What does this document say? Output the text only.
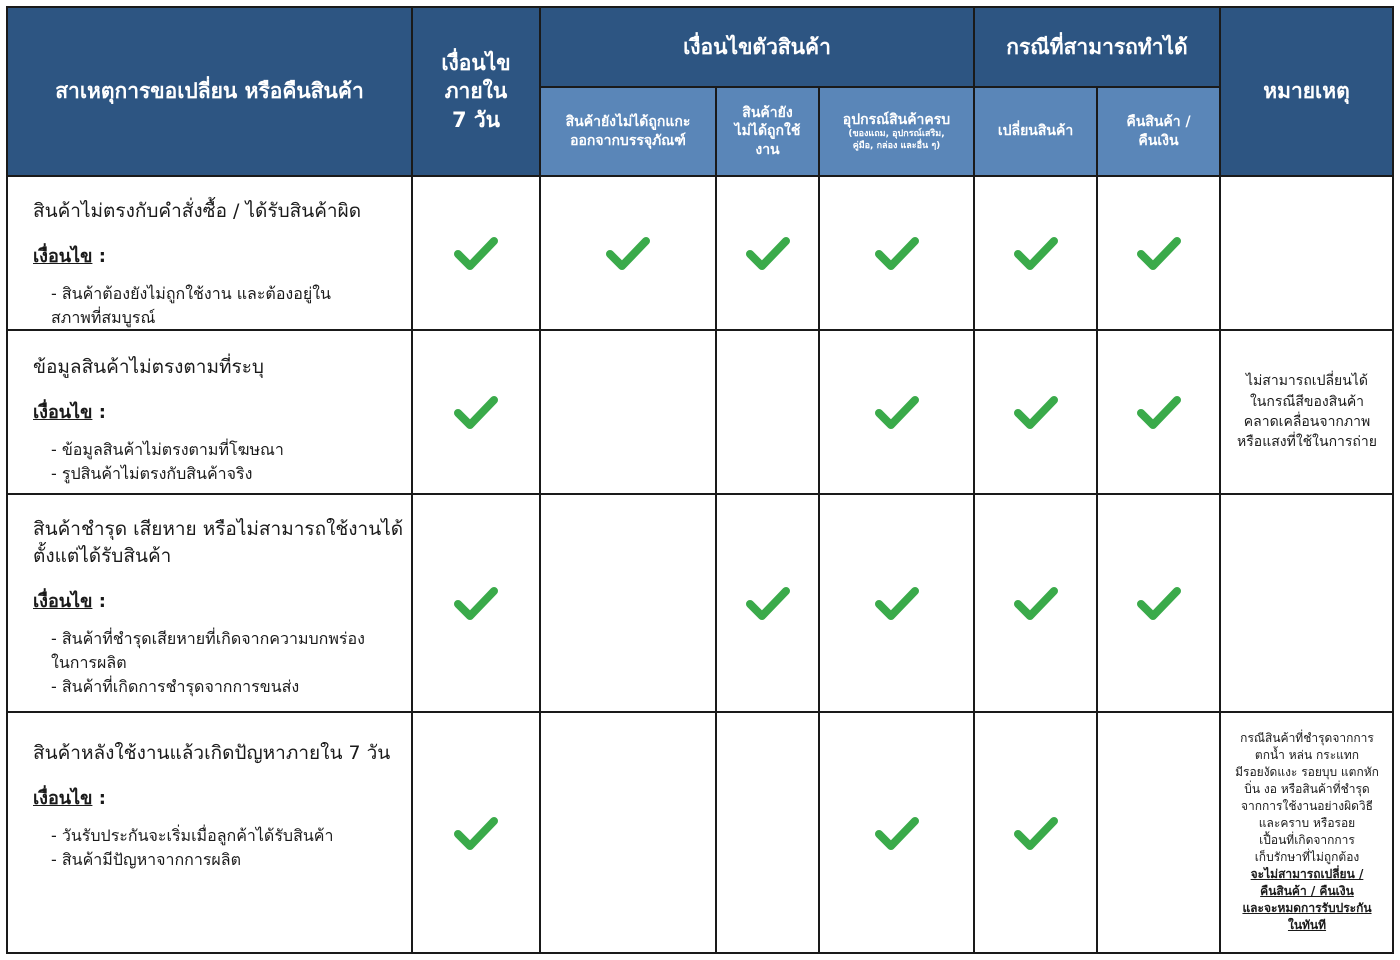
สาเหตุการขอเปลี่ยน หรือคืนสินค้า
เงื่อนไข
ภายใน
7 วัน
เงื่อนไขตัวสินค้า	กรณีที่สามารถทำได้
หมายเหตุ
สินค้ายังไม่ได้ถูกแกะ
ออกจากบรรจุภัณฑ์
สินค้ายัง
ไม่ได้ถูกใช้
งาน
อุปกรณ์สินค้าครบ
(ของแถม, อุปกรณ์เสริม,
คู่มือ, กล่อง และอื่น ๆ)
เปลี่ยนสินค้า
คืนสินค้า /
คืนเงิน

สินค้าไม่ตรงกับคำสั่งซื้อ / ได้รับสินค้าผิด

เงื่อนไข :

- สินค้าต้องยังไม่ถูกใช้งาน และต้องอยู่ใน

สภาพที่สมบูรณ์

ข้อมูลสินค้าไม่ตรงตามที่ระบุ

เงื่อนไข :

- ข้อมูลสินค้าไม่ตรงตามที่โฆษณา

- รูปสินค้าไม่ตรงกับสินค้าจริง

ไม่สามารถเปลี่ยนได้
ในกรณีสีของสินค้า
คลาดเคลื่อนจากภาพ
หรือแสงที่ใช้ในการถ่าย

สินค้าชำรุด เสียหาย หรือไม่สามารถใช้งานได้

ตั้งแต่ได้รับสินค้า

เงื่อนไข :

- สินค้าที่ชำรุดเสียหายที่เกิดจากความบกพร่อง

ในการผลิต

- สินค้าที่เกิดการชำรุดจากการขนส่ง

สินค้าหลังใช้งานแล้วเกิดปัญหาภายใน 7 วัน

เงื่อนไข :

- วันรับประกันจะเริ่มเมื่อลูกค้าได้รับสินค้า

- สินค้ามีปัญหาจากการผลิต

กรณีสินค้าที่ชำรุดจากการ
ตกน้ำ หล่น กระแทก
มีรอยงัดแงะ รอยบุบ แตกหัก
บิ่น งอ หรือสินค้าที่ชำรุด
จากการใช้งานอย่างผิดวิธี
และคราบ หรือรอย
เปื้อนที่เกิดจากการ
เก็บรักษาที่ไม่ถูกต้อง
จะไม่สามารถเปลี่ยน /
คืนสินค้า / คืนเงิน
และจะหมดการรับประกัน
ในทันที
